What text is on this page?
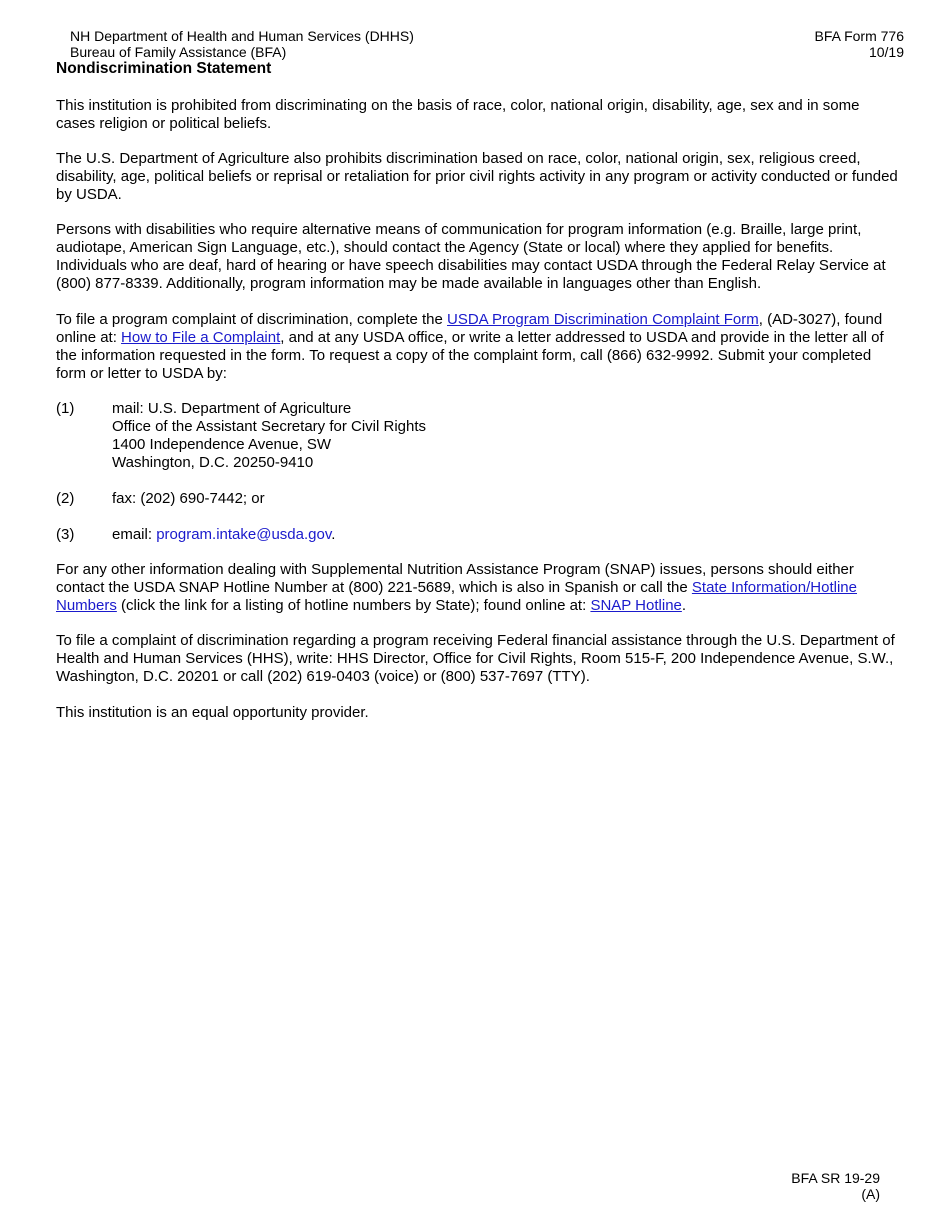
NH Department of Health and Human Services (DHHS)
Bureau of Family Assistance (BFA)
BFA Form 776
10/19
Nondiscrimination Statement
This institution is prohibited from discriminating on the basis of race, color, national origin, disability, age, sex and in some cases religion or political beliefs.
The U.S. Department of Agriculture also prohibits discrimination based on race, color, national origin, sex, religious creed, disability, age, political beliefs or reprisal or retaliation for prior civil rights activity in any program or activity conducted or funded by USDA.
Persons with disabilities who require alternative means of communication for program information (e.g. Braille, large print, audiotape, American Sign Language, etc.), should contact the Agency (State or local) where they applied for benefits. Individuals who are deaf, hard of hearing or have speech disabilities may contact USDA through the Federal Relay Service at (800) 877-8339. Additionally, program information may be made available in languages other than English.
To file a program complaint of discrimination, complete the USDA Program Discrimination Complaint Form, (AD-3027), found online at: How to File a Complaint, and at any USDA office, or write a letter addressed to USDA and provide in the letter all of the information requested in the form. To request a copy of the complaint form, call (866) 632-9992. Submit your completed form or letter to USDA by:
(1)	mail: U.S. Department of Agriculture
Office of the Assistant Secretary for Civil Rights
1400 Independence Avenue, SW
Washington, D.C. 20250-9410
(2)	fax: (202) 690-7442; or
(3)	email: program.intake@usda.gov.
For any other information dealing with Supplemental Nutrition Assistance Program (SNAP) issues, persons should either contact the USDA SNAP Hotline Number at (800) 221-5689, which is also in Spanish or call the State Information/Hotline Numbers (click the link for a listing of hotline numbers by State); found online at: SNAP Hotline.
To file a complaint of discrimination regarding a program receiving Federal financial assistance through the U.S. Department of Health and Human Services (HHS), write: HHS Director, Office for Civil Rights, Room 515-F, 200 Independence Avenue, S.W., Washington, D.C. 20201 or call (202) 619-0403 (voice) or (800) 537-7697 (TTY).
This institution is an equal opportunity provider.
BFA SR 19-29
(A)
